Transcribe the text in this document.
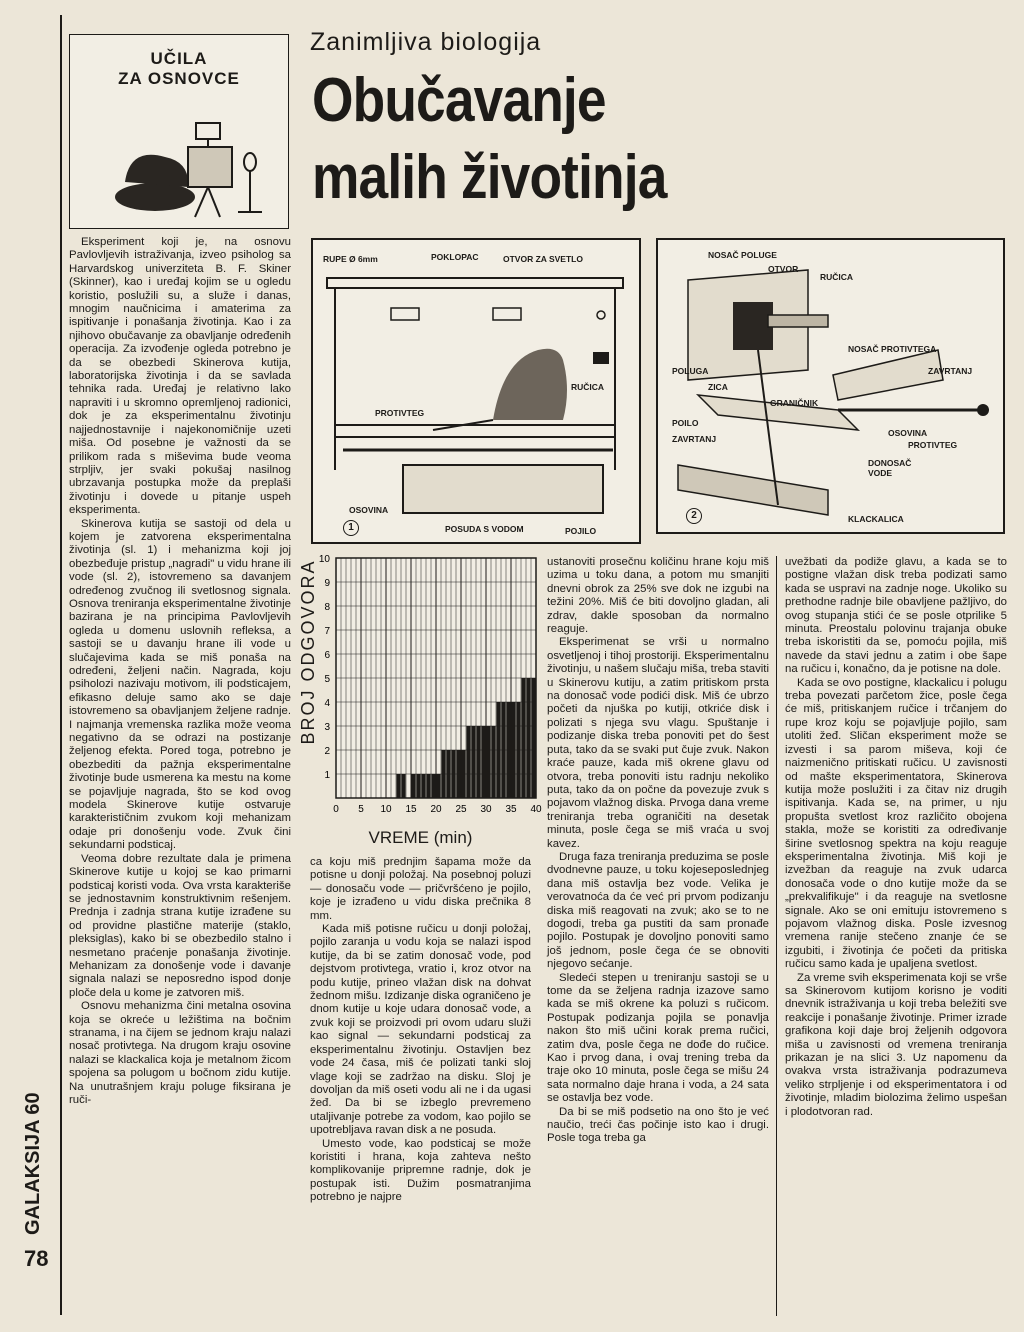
GALAKSIJA 60
78
UČILA
ZA OSNOVCE
Zanimljiva biologija
Obučavanje
malih životinja

Eksperiment koji je, na osnovu Pavlovljevih istraživanja, izveo psiholog sa Harvardskog univerziteta B. F. Skiner (Skinner), kao i uređaj kojim se u ogledu koristio, poslužili su, a služe i danas, mnogim naučnicima i amaterima za ispitivanje i ponašanja životinja. Kao i za njihovo obučavanje za obavljanje određenih operacija. Za izvođenje ogleda potrebno je da se obezbedi Skinerova kutija, laboratorijska životinja i da se savlada tehnika rada. Uređaj je relativno lako napraviti i u skromno opremljenoj radionici, dok je za eksperimentalnu životinju najjednostavnije i najekonomičnije uzeti miša. Od posebne je važnosti da se prilikom rada s miševima bude veoma strpljiv, jer svaki pokušaj nasilnog ubrzavanja postupka može da preplaši životinju i dovede u pitanje uspeh eksperimenta.

Skinerova kutija se sastoji od dela u kojem je zatvorena eksperimentalna životinja (sl. 1) i mehanizma koji joj obezbeđuje pristup „nagradi" u vidu hrane ili vode (sl. 2), istovremeno sa davanjem određenog zvučnog ili svetlosnog signala. Osnova treniranja eksperimentalne životinje bazirana je na principima Pavlovljevih ogleda u domenu uslovnih refleksa, a sastoji se u davanju hrane ili vode u slučajevima kada se miš ponaša na određeni, željeni način. Nagrada, koju psiholozi nazivaju motivom, ili podsticajem, efikasno deluje samo ako se daje istovremeno sa obavljanjem željene radnje. I najmanja vremenska razlika može veoma negativno da se odrazi na postizanje željenog efekta. Pored toga, potrebno je obezbediti da pažnja eksperimentalne životinje bude usmerena ka mestu na kome se pojavljuje nagrada, što se kod ovog modela Skinerove kutije ostvaruje karakterističnim zvukom koji mehanizam odaje pri donošenju vode. Zvuk čini sekundarni podsticaj.

Veoma dobre rezultate dala je primena Skinerove kutije u kojoj se kao primarni podsticaj koristi voda. Ova vrsta karakteriše se jednostavnim konstruktivnim rešenjem. Prednja i zadnja strana kutije izrađene su od providne plastične materije (staklo, pleksiglas), kako bi se obezbedilo stalno i nesmetano praćenje ponašanja životinje. Mehanizam za donošenje vode i davanje signala nalazi se neposredno ispod donje ploče dela u kome je zatvoren miš.

Osnovu mehanizma čini metalna osovina koja se okreće u ležištima na bočnim stranama, i na čijem se jednom kraju nalazi nosač protivtega. Na drugom kraju osovine nalazi se klackalica koja je metalnom žicom spojena sa polugom u bočnom zidu kutije. Na unutrašnjem kraju poluge fiksirana je ruči-

RUPE Ø 6mm	POKLOPAC	OTVOR ZA SVETLO
RUČICA
PROTIVTEG
OSOVINA
POSUDA S VODOM	POJILO
1
NOSAČ POLUGE
OTVOR
RUČICA
NOSAČ PROTIVTEGA
ZAVRTANJ
POLUGA
ZICA
GRANIČNIK
POILO
ZAVRTANJ
OSOVINA
PROTIVTEG
DONOSAČ VODE
KLACKALICA
2
0 5 10 15 20 25 30 35 40
1
2
3
4
5
6
7
8
9
10
BROJ ODGOVORA
VREME (min)

ca koju miš prednjim šapama može da potisne u donji položaj. Na posebnoj poluzi — donosaču vode — pričvršćeno je pojilo, koje je izrađeno u vidu diska prečnika 8 mm.

Kada miš potisne ručicu u donji položaj, pojilo zaranja u vodu koja se nalazi ispod kutije, da bi se zatim donosač vode, pod dejstvom protivtega, vratio i, kroz otvor na podu kutije, prineo vlažan disk na dohvat žednom mišu. Izdizanje diska ograničeno je dnom kutije u koje udara donosač vode, a zvuk koji se proizvodi pri ovom udaru služi kao signal — sekundarni podsticaj za eksperimentalnu životinju. Ostavljen bez vode 24 časa, miš će polizati tanki sloj vlage koji se zadržao na disku. Sloj je dovoljan da miš oseti vodu ali ne i da ugasi žeđ. Da bi se izbeglo prevremeno utaljivanje potrebe za vodom, kao pojilo se upotrebljava ravan disk a ne posuda.

Umesto vode, kao podsticaj se može koristiti i hrana, koja zahteva nešto komplikovanije pripremne radnje, dok je postupak isti. Dužim posmatranjima potrebno je najpre

ustanoviti prosečnu količinu hrane koju miš uzima u toku dana, a potom mu smanjiti dnevni obrok za 25% sve dok ne izgubi na težini 20%. Miš će biti dovoljno gladan, ali zdrav, dakle sposoban da normalno reaguje.

Eksperimenat se vrši u normalno osvetljenoj i tihoj prostoriji. Eksperimentalnu životinju, u našem slučaju miša, treba staviti u Skinerovu kutiju, a zatim pritiskom prsta na donosač vode podići disk. Miš će ubrzo početi da njuška po kutiji, otkriće disk i polizati s njega svu vlagu. Spuštanje i podizanje diska treba ponoviti pet do šest puta, tako da se svaki put čuje zvuk. Nakon kraće pauze, kada miš okrene glavu od otvora, treba ponoviti istu radnju nekoliko puta, tako da on počne da povezuje zvuk s pojavom vlažnog diska. Prvoga dana vreme treniranja treba ograničiti na desetak minuta, posle čega se miš vraća u svoj kavez.

Druga faza treniranja preduzima se posle dvodnevne pauze, u toku kojeseposlednjeg dana miš ostavlja bez vode. Velika je verovatnoća da će već pri prvom podizanju diska miš reagovati na zvuk; ako se to ne dogodi, treba ga pustiti da sam pronađe pojilo. Postupak je dovoljno ponoviti samo još jednom, posle čega će se obnoviti njegovo sećanje.

Sledeći stepen u treniranju sastoji se u tome da se željena radnja izazove samo kada se miš okrene ka poluzi s ručicom. Postupak podizanja pojila se ponavlja nakon što miš učini korak prema ručici, zatim dva, posle čega ne dođe do ručice. Kao i prvog dana, i ovaj trening treba da traje oko 10 minuta, posle čega se mišu 24 sata normalno daje hrana i voda, a 24 sata se ostavlja bez vode.

Da bi se miš podsetio na ono što je već naučio, treći čas počinje isto kao i drugi. Posle toga treba ga

uvežbati da podiže glavu, a kada se to postigne vlažan disk treba podizati samo kada se uspravi na zadnje noge. Ukoliko su prethodne radnje bile obavljene pažljivo, do ovog stupanja stići će se posle otprilike 5 minuta. Preostalu polovinu trajanja obuke treba iskoristiti da se, pomoću pojila, miš navede da stavi jednu a zatim i obe šape na ručicu i, konačno, da je potisne na dole.

Kada se ovo postigne, klackalicu i polugu treba povezati parčetom žice, posle čega će miš, pritiskanjem ručice i trčanjem do rupe kroz koju se pojavljuje pojilo, sam utoliti žeđ. Sličan eksperiment može se izvesti i sa parom miševa, koji će naizmenično pritiskati ručicu. U zavisnosti od mašte eksperimentatora, Skinerova kutija može poslužiti i za čitav niz drugih ispitivanja. Kada se, na primer, u nju propušta svetlost kroz različito obojena stakla, može se koristiti za određivanje širine svetlosnog spektra na koju reaguje eksperimentalna životinja. Miš koji je izvežban da reaguje na zvuk udarca donosača vode o dno kutije može da se „prekvalifikuje" i da reaguje na svetlosne signale. Ako se oni emituju istovremeno s pojavom vlažnog diska. Posle izvesnog vremena ranije stečeno znanje će se izgubiti, i životinja će početi da pritiska ručicu samo kada je upaljena svetlost.

Za vreme svih eksperimenata koji se vrše sa Skinerovom kutijom korisno je voditi dnevnik istraživanja u koji treba beležiti sve reakcije i ponašanje životinje. Primer izrade grafikona koji daje broj željenih odgovora miša u zavisnosti od vremena treniranja prikazan je na slici 3. Uz napomenu da ovakva vrsta istraživanja podrazumeva veliko strpljenje i od eksperimentatora i od životinje, mladim biolozima želimo uspešan i plodotvoran rad.
